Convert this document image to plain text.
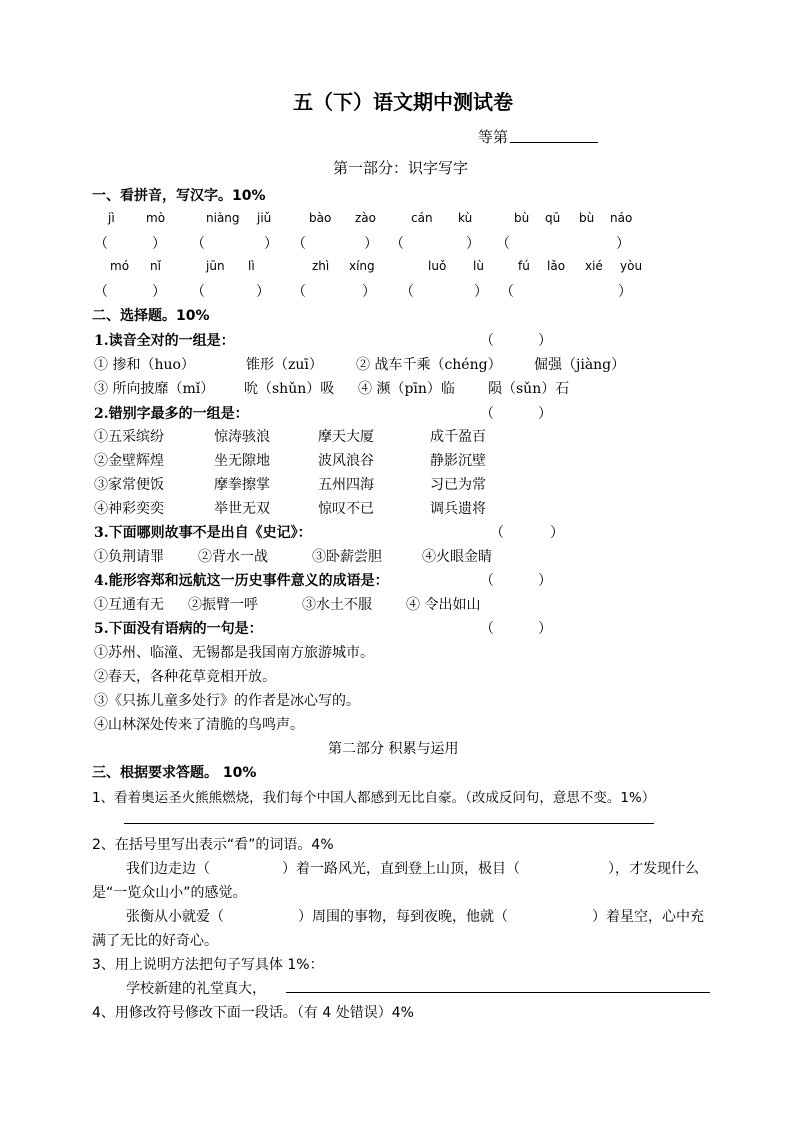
五（下）语文期中测试卷
等第
第一部分：识字写字
一、看拼音，写汉字。10%
jì	mò	niàng jiǔ	bào zào	cán kù	bù qū bù náo
（	） （	） （	） （	） （	）
mó nǐ	jūn lì	zhì xíng	luǒ lù	fú lǎo xié yòu
（	） （	） （	） （	） （	）
二、选择题。10%
1.读音全对的一组是：	（	）
① 掺和（huo）	锥形（zuī） ② 战车千乘（chéng） 倔强（jiàng）
③ 所向披靡（mǐ） 吮（shǔn）吸 ④ 濒（pīn）临 陨（sǔn）石
2.错别字最多的一组是：	（	）
①五采缤纷	惊涛骇浪	摩天大厦	成千盈百
②金壁辉煌	坐无隙地	波风浪谷	静影沉壁
③家常便饭	摩拳擦掌	五州四海	习已为常
④神彩奕奕	举世无双	惊叹不已	调兵遗将
3.下面哪则故事不是出自《史记》：	（	）
①负荆请罪 ②背水一战	③卧薪尝胆	④火眼金睛
4.能形容郑和远航这一历史事件意义的成语是：	（	）
①互通有无 ②振臂一呼	③水土不服 ④ 令出如山
5.下面没有语病的一句是：	（	）
①苏州、临潼、无锡都是我国南方旅游城市。
②春天，各种花草竞相开放。
③《只拣儿童多处行》的作者是冰心写的。
④山林深处传来了清脆的鸟鸣声。
第二部分 积累与运用
三、根据要求答题。 10%
1、看着奥运圣火熊熊燃烧，我们每个中国人都感到无比自豪。（改成反问句，意思不变。1%）
2、在括号里写出表示“看”的词语。4%
我们边走边（	）着一路风光，直到登上山顶，极目（	），才发现什么
是“一览众山小”的感觉。
张衡从小就爱（	）周围的事物，每到夜晚，他就（	）着星空，心中充
满了无比的好奇心。
3、用上说明方法把句子写具体 1%：
学校新建的礼堂真大，
4、用修改符号修改下面一段话。（有 4 处错误）4%
